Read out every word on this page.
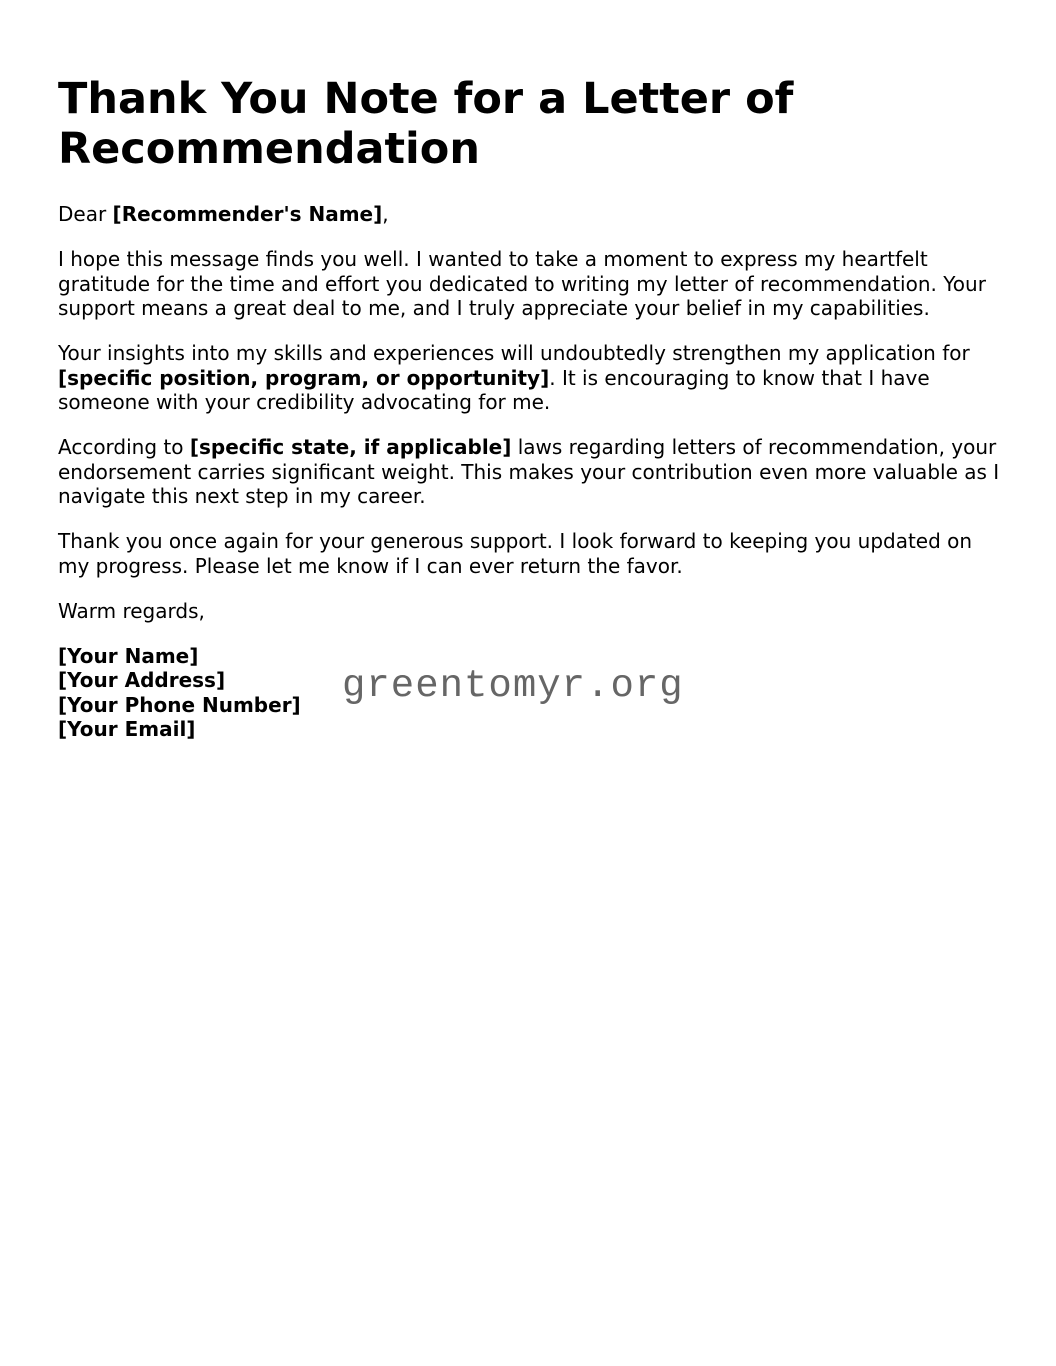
Thank You Note for a Letter of Recommendation

Dear [Recommender's Name],

I hope this message finds you well. I wanted to take a moment to express my heartfelt gratitude for the time and effort you dedicated to writing my letter of recommendation. Your support means a great deal to me, and I truly appreciate your belief in my capabilities.

Your insights into my skills and experiences will undoubtedly strengthen my application for [specific position, program, or opportunity]. It is encouraging to know that I have someone with your credibility advocating for me.

According to [specific state, if applicable] laws regarding letters of recommendation, your endorsement carries significant weight. This makes your contribution even more valuable as I navigate this next step in my career.

Thank you once again for your generous support. I look forward to keeping you updated on my progress. Please let me know if I can ever return the favor.

Warm regards,

[Your Name]
[Your Address]
[Your Phone Number]
[Your Email]
greentomyr.org
